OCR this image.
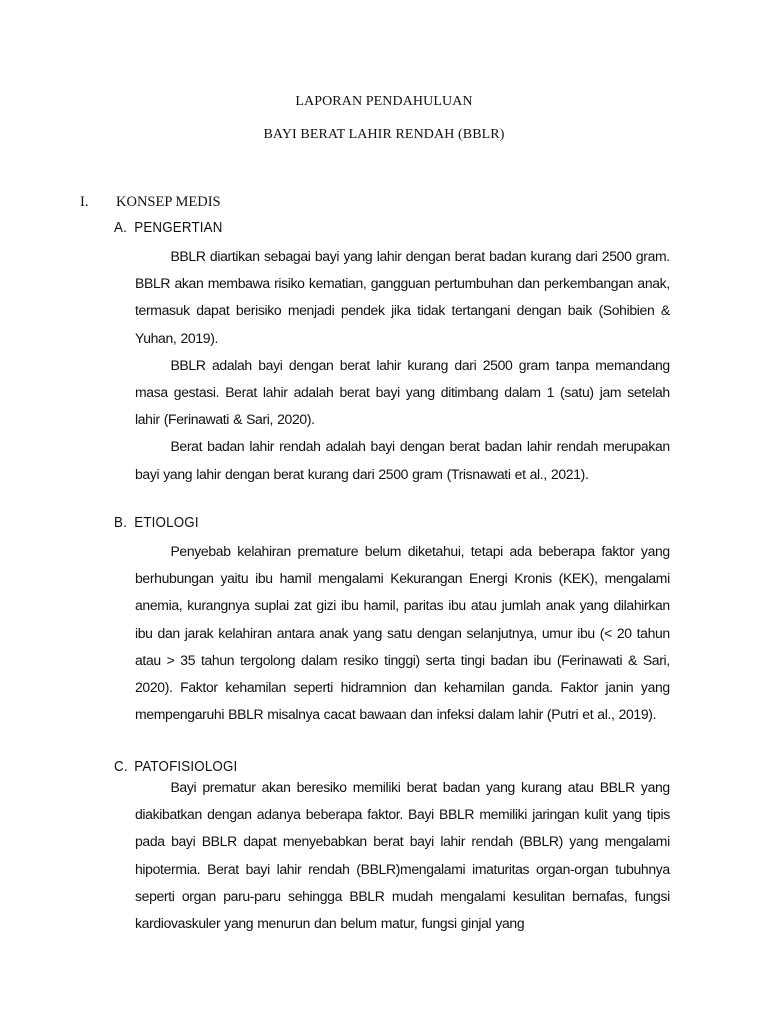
LAPORAN PENDAHULUAN
BAYI BERAT LAHIR RENDAH (BBLR)
I. KONSEP MEDIS
A. PENGERTIAN

BBLR diartikan sebagai bayi yang lahir dengan berat badan kurang dari 2500 gram. BBLR akan membawa risiko kematian, gangguan pertumbuhan dan perkembangan anak, termasuk dapat berisiko menjadi pendek jika tidak tertangani dengan baik (Sohibien & Yuhan, 2019).

BBLR adalah bayi dengan berat lahir kurang dari 2500 gram tanpa memandang masa gestasi. Berat lahir adalah berat bayi yang ditimbang dalam 1 (satu) jam setelah lahir (Ferinawati & Sari, 2020).

Berat badan lahir rendah adalah bayi dengan berat badan lahir rendah merupakan bayi yang lahir dengan berat kurang dari 2500 gram (Trisnawati et al., 2021).

B. ETIOLOGI

Penyebab kelahiran premature belum diketahui, tetapi ada beberapa faktor yang berhubungan yaitu ibu hamil mengalami Kekurangan Energi Kronis (KEK), mengalami anemia, kurangnya suplai zat gizi ibu hamil, paritas ibu atau jumlah anak yang dilahirkan ibu dan jarak kelahiran antara anak yang satu dengan selanjutnya, umur ibu (< 20 tahun atau > 35 tahun tergolong dalam resiko tinggi) serta tingi badan ibu (Ferinawati & Sari, 2020). Faktor kehamilan seperti hidramnion dan kehamilan ganda. Faktor janin yang mempengaruhi BBLR misalnya cacat bawaan dan infeksi dalam lahir (Putri et al., 2019).

C. PATOFISIOLOGI

Bayi prematur akan beresiko memiliki berat badan yang kurang atau BBLR yang diakibatkan dengan adanya beberapa faktor. Bayi BBLR memiliki jaringan kulit yang tipis pada bayi BBLR dapat menyebabkan berat bayi lahir rendah (BBLR) yang mengalami hipotermia. Berat bayi lahir rendah (BBLR)mengalami imaturitas organ-organ tubuhnya seperti organ paru-paru sehingga BBLR mudah mengalami kesulitan bernafas, fungsi kardiovaskuler yang menurun dan belum matur, fungsi ginjal yang
